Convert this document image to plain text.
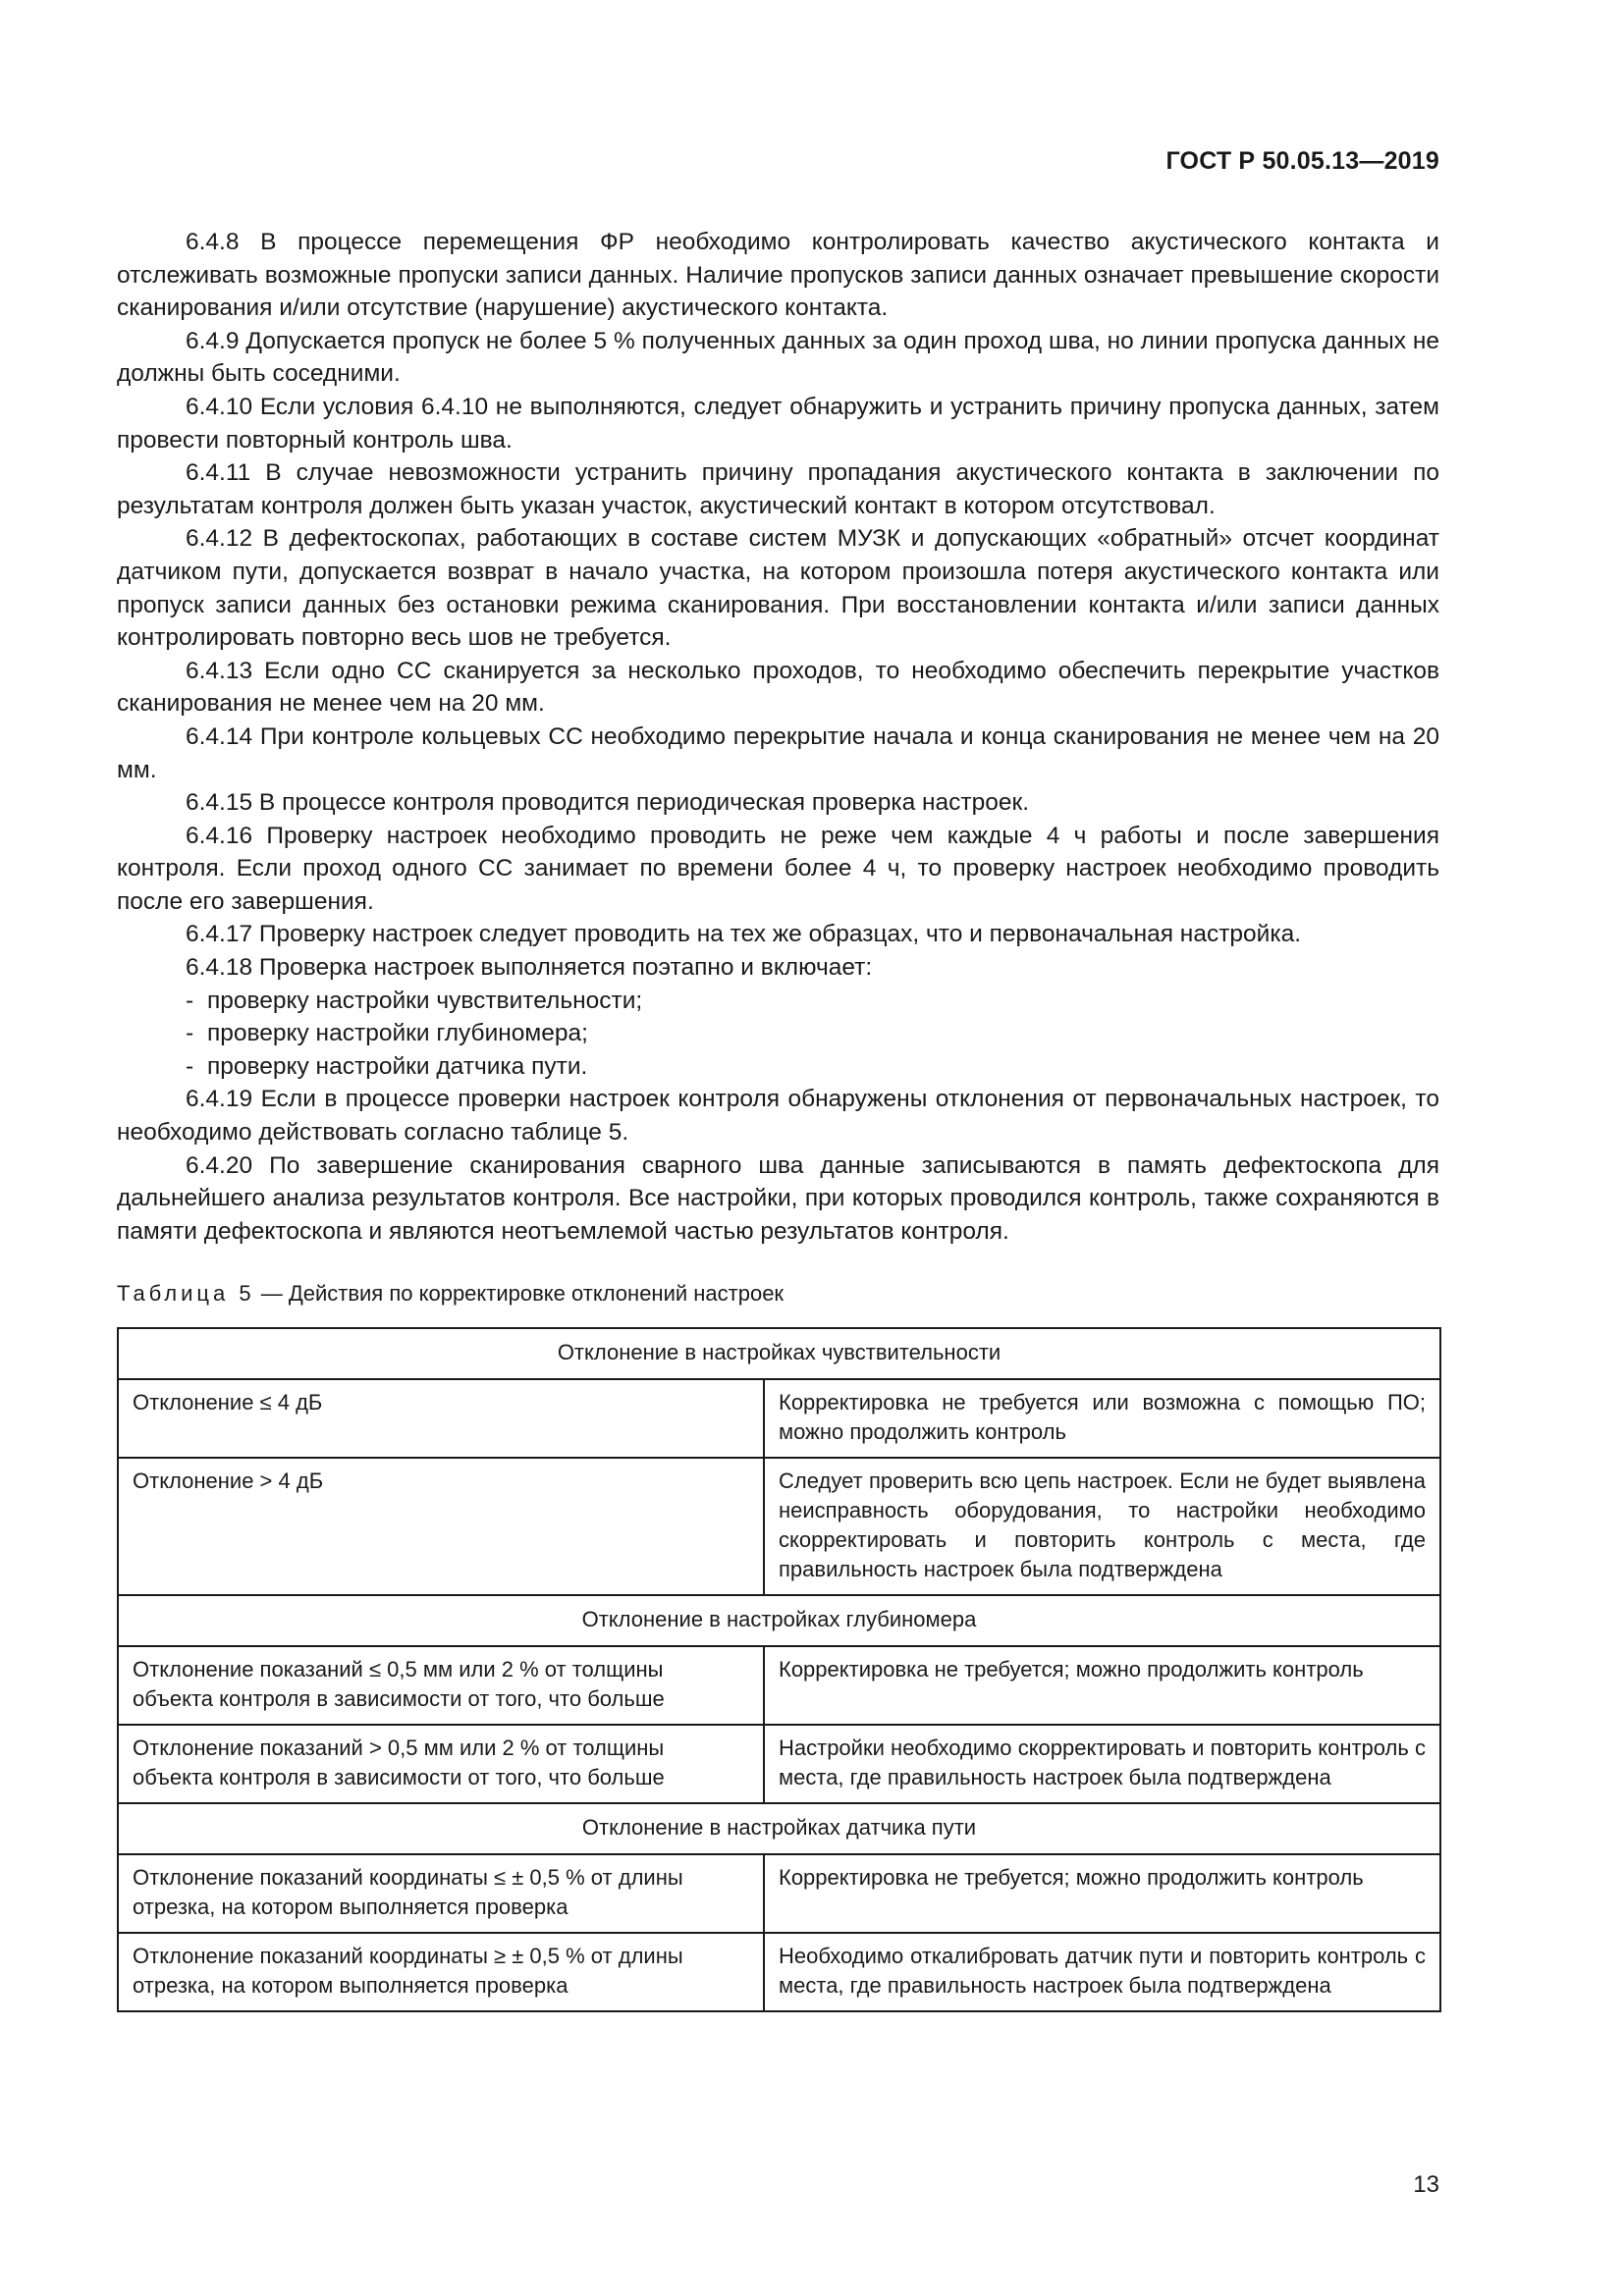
ГОСТ Р 50.05.13—2019

6.4.8 В процессе перемещения ФР необходимо контролировать качество акустического контакта и отслеживать возможные пропуски записи данных. Наличие пропусков записи данных означает превышение скорости сканирования и/или отсутствие (нарушение) акустического контакта.

6.4.9 Допускается пропуск не более 5 % полученных данных за один проход шва, но линии пропуска данных не должны быть соседними.

6.4.10 Если условия 6.4.10 не выполняются, следует обнаружить и устранить причину пропуска данных, затем провести повторный контроль шва.

6.4.11 В случае невозможности устранить причину пропадания акустического контакта в заключении по результатам контроля должен быть указан участок, акустический контакт в котором отсутствовал.

6.4.12 В дефектоскопах, работающих в составе систем МУЗК и допускающих «обратный» отсчет координат датчиком пути, допускается возврат в начало участка, на котором произошла потеря акустического контакта или пропуск записи данных без остановки режима сканирования. При восстановлении контакта и/или записи данных контролировать повторно весь шов не требуется.

6.4.13 Если одно СС сканируется за несколько проходов, то необходимо обеспечить перекрытие участков сканирования не менее чем на 20 мм.

6.4.14 При контроле кольцевых СС необходимо перекрытие начала и конца сканирования не менее чем на 20 мм.

6.4.15 В процессе контроля проводится периодическая проверка настроек.

6.4.16 Проверку настроек необходимо проводить не реже чем каждые 4 ч работы и после завершения контроля. Если проход одного СС занимает по времени более 4 ч, то проверку настроек необходимо проводить после его завершения.

6.4.17 Проверку настроек следует проводить на тех же образцах, что и первоначальная настройка.

6.4.18 Проверка настроек выполняется поэтапно и включает:

- проверку настройки чувствительности;
- проверку настройки глубиномера;
- проверку настройки датчика пути.

6.4.19 Если в процессе проверки настроек контроля обнаружены отклонения от первоначальных настроек, то необходимо действовать согласно таблице 5.

6.4.20 По завершение сканирования сварного шва данные записываются в память дефектоскопа для дальнейшего анализа результатов контроля. Все настройки, при которых проводился контроль, также сохраняются в памяти дефектоскопа и являются неотъемлемой частью результатов контроля.

Таблица 5 — Действия по корректировке отклонений настроек
Отклонение в настройках чувствительности	
Отклонение ≤ 4 дБ	Корректировка не требуется или возможна с помощью ПО; можно продолжить контроль
Отклонение > 4 дБ	Следует проверить всю цепь настроек. Если не будет выявлена неисправность оборудования, то настройки необходимо скорректировать и повторить контроль с места, где правильность настроек была подтверждена
Отклонение в настройках глубиномера	
Отклонение показаний ≤ 0,5 мм или 2 % от толщины объекта контроля в зависимости от того, что больше	Корректировка не требуется; можно продолжить контроль
Отклонение показаний > 0,5 мм или 2 % от толщины объекта контроля в зависимости от того, что больше	Настройки необходимо скорректировать и повторить контроль с места, где правильность настроек была подтверждена
Отклонение в настройках датчика пути	
Отклонение показаний координаты ≤ ± 0,5 % от длины отрезка, на котором выполняется проверка	Корректировка не требуется; можно продолжить контроль
Отклонение показаний координаты ≥ ± 0,5 % от длины отрезка, на котором выполняется проверка	Необходимо откалибровать датчик пути и повторить контроль с места, где правильность настроек была подтверждена
13
